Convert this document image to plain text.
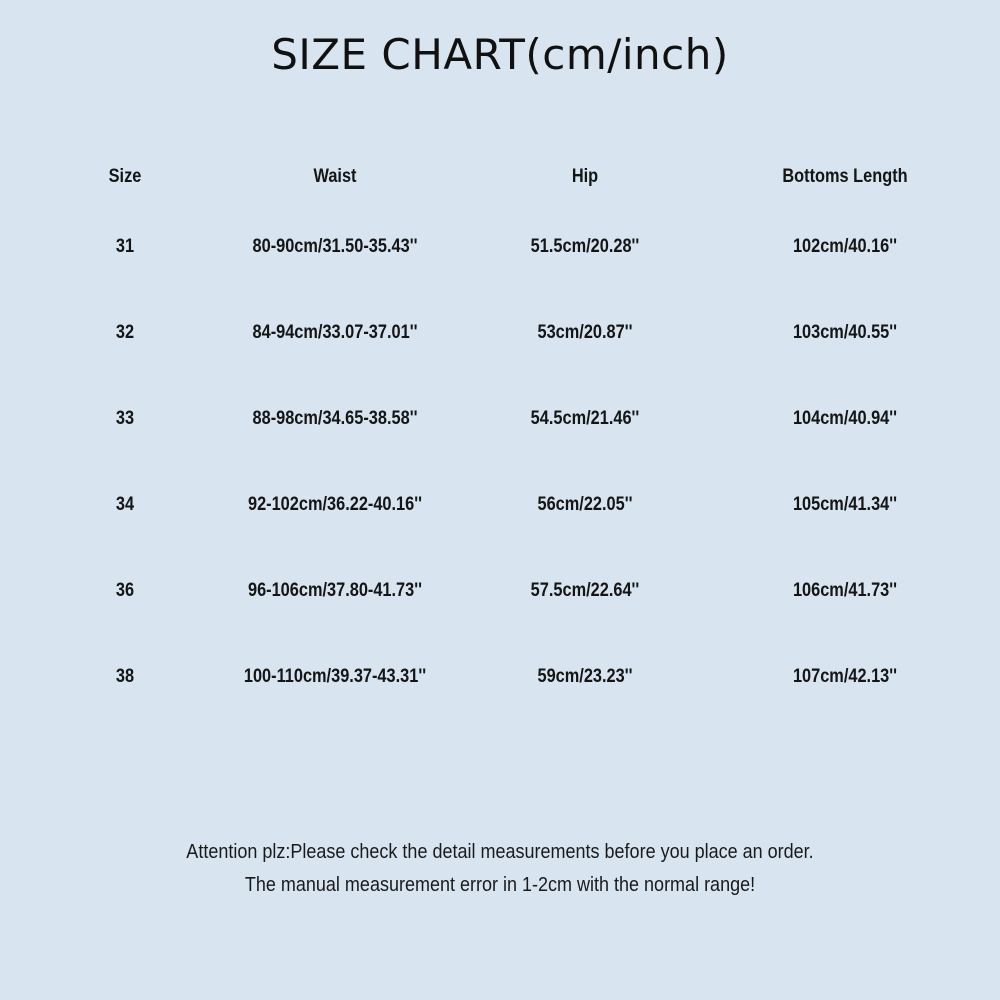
SIZE CHART(cm/inch)
Size	Waist	Hip	Bottoms Length
31	80-90cm/31.50-35.43''	51.5cm/20.28''	102cm/40.16''
32	84-94cm/33.07-37.01''	53cm/20.87''	103cm/40.55''
33	88-98cm/34.65-38.58''	54.5cm/21.46''	104cm/40.94''
34	92-102cm/36.22-40.16''	56cm/22.05''	105cm/41.34''
36	96-106cm/37.80-41.73''	57.5cm/22.64''	106cm/41.73''
38	100-110cm/39.37-43.31''	59cm/23.23''	107cm/42.13''
Attention plz:Please check the detail measurements before you place an order.
The manual measurement error in 1-2cm with the normal range!
